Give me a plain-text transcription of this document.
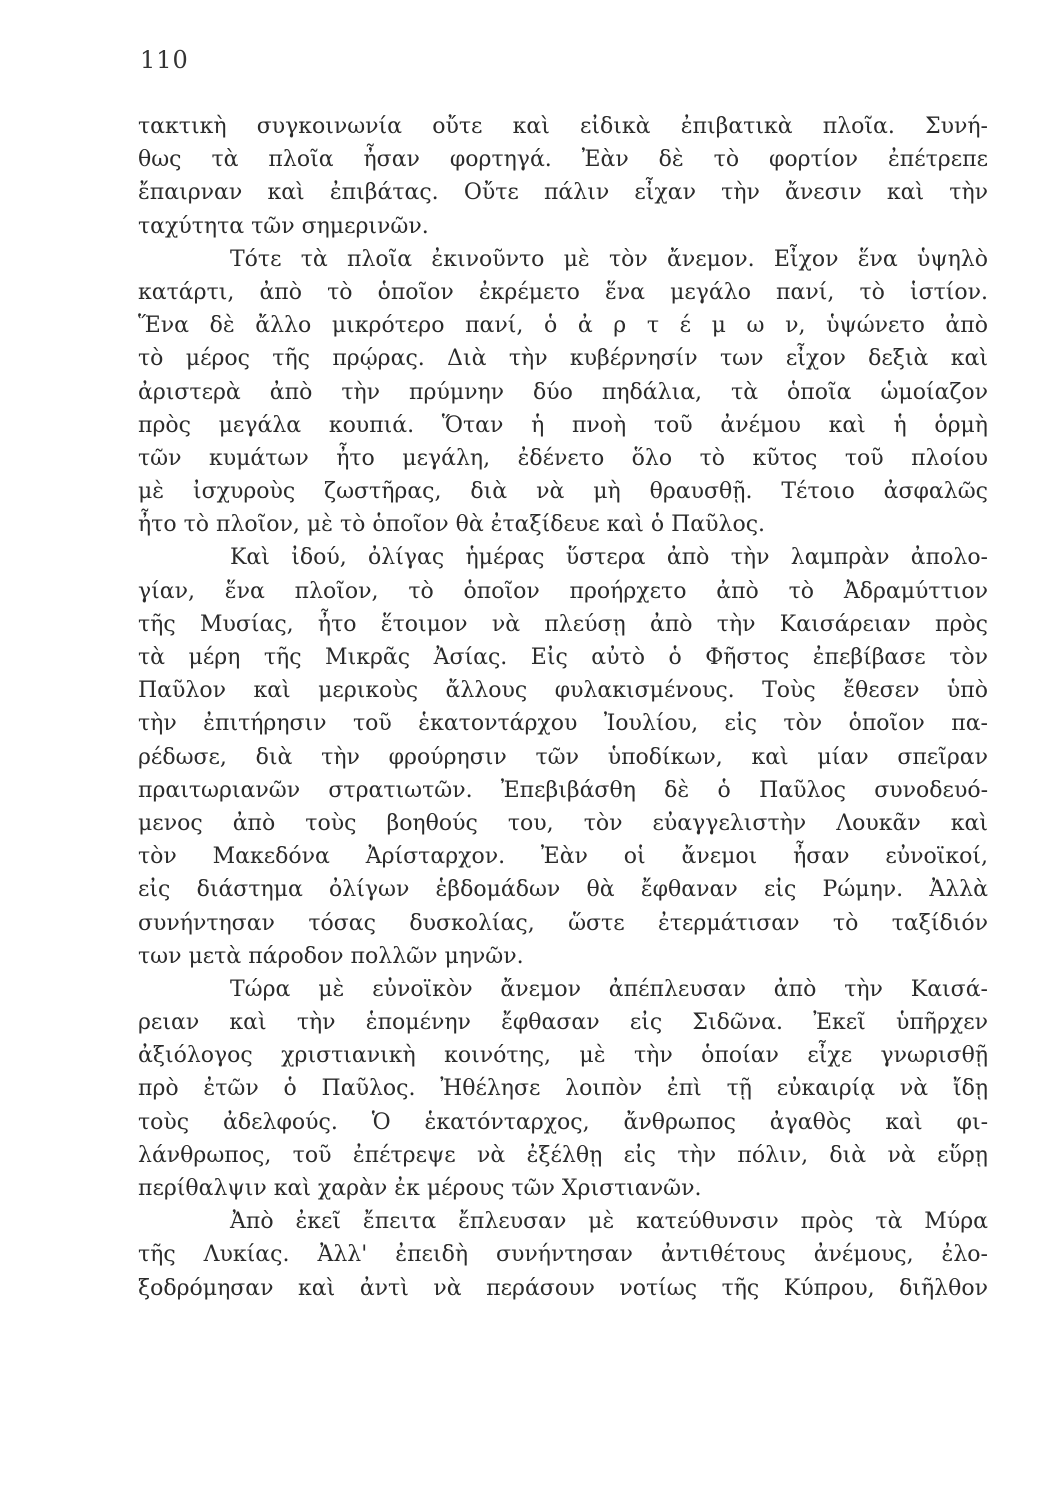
110
τακτικὴ συγκοινωνία οὔτε καὶ εἰδικὰ ἐπιβατικὰ πλοῖα. Συνή-
θως τὰ πλοῖα ἦσαν φορτηγά. Ἐὰν δὲ τὸ φορτίον ἐπέτρεπε
ἔπαιρναν καὶ ἐπιβάτας. Οὔτε πάλιν εἶχαν τὴν ἄνεσιν καὶ τὴν
ταχύτητα τῶν σημερινῶν.
Τότε τὰ πλοῖα ἐκινοῦντο μὲ τὸν ἄνεμον. Εἶχον ἕνα ὑψηλὸ
κατάρτι, ἀπὸ τὸ ὁποῖον ἐκρέμετο ἕνα μεγάλο πανί, τὸ ἱστίον.
Ἕνα δὲ ἄλλο μικρότερο πανί, ὁ ἀ ρ τ έ μ ω ν, ὑψώνετο ἀπὸ
τὸ μέρος τῆς πρῴρας. Διὰ τὴν κυβέρνησίν των εἶχον δεξιὰ καὶ
ἀριστερὰ ἀπὸ τὴν πρύμνην δύο πηδάλια, τὰ ὁποῖα ὡμοίαζον
πρὸς μεγάλα κουπιά. Ὅταν ἡ πνοὴ τοῦ ἀνέμου καὶ ἡ ὁρμὴ
τῶν κυμάτων ἦτο μεγάλη, ἐδένετο ὅλο τὸ κῦτος τοῦ πλοίου
μὲ ἰσχυροὺς ζωστῆρας, διὰ νὰ μὴ θραυσθῇ. Τέτοιο ἀσφαλῶς
ἦτο τὸ πλοῖον, μὲ τὸ ὁποῖον θὰ ἐταξίδευε καὶ ὁ Παῦλος.
Καὶ ἰδού, ὀλίγας ἡμέρας ὕστερα ἀπὸ τὴν λαμπρὰν ἀπολο-
γίαν, ἕνα πλοῖον, τὸ ὁποῖον προήρχετο ἀπὸ τὸ Ἀδραμύττιον
τῆς Μυσίας, ἦτο ἕτοιμον νὰ πλεύσῃ ἀπὸ τὴν Καισάρειαν πρὸς
τὰ μέρη τῆς Μικρᾶς Ἀσίας. Εἰς αὐτὸ ὁ Φῆστος ἐπεβίβασε τὸν
Παῦλον καὶ μερικοὺς ἄλλους φυλακισμένους. Τοὺς ἔθεσεν ὑπὸ
τὴν ἐπιτήρησιν τοῦ ἑκατοντάρχου Ἰουλίου, εἰς τὸν ὁποῖον πα-
ρέδωσε, διὰ τὴν φρούρησιν τῶν ὑποδίκων, καὶ μίαν σπεῖραν
πραιτωριανῶν στρατιωτῶν. Ἐπεβιβάσθη δὲ ὁ Παῦλος συνοδευό-
μενος ἀπὸ τοὺς βοηθούς του, τὸν εὐαγγελιστὴν Λουκᾶν καὶ
τὸν Μακεδόνα Ἀρίσταρχον. Ἐὰν οἱ ἄνεμοι ἦσαν εὐνοϊκοί,
εἰς διάστημα ὀλίγων ἑβδομάδων θὰ ἔφθαναν εἰς Ρώμην. Ἀλλὰ
συνήντησαν τόσας δυσκολίας, ὥστε ἐτερμάτισαν τὸ ταξίδιόν
των μετὰ πάροδον πολλῶν μηνῶν.
Τώρα μὲ εὐνοϊκὸν ἄνεμον ἀπέπλευσαν ἀπὸ τὴν Καισά-
ρειαν καὶ τὴν ἑπομένην ἔφθασαν εἰς Σιδῶνα. Ἐκεῖ ὑπῆρχεν
ἀξιόλογος χριστιανικὴ κοινότης, μὲ τὴν ὁποίαν εἶχε γνωρισθῇ
πρὸ ἐτῶν ὁ Παῦλος. Ἠθέλησε λοιπὸν ἐπὶ τῇ εὐκαιρίᾳ νὰ ἴδῃ
τοὺς ἀδελφούς. Ὁ ἑκατόνταρχος, ἄνθρωπος ἀγαθὸς καὶ φι-
λάνθρωπος, τοῦ ἐπέτρεψε νὰ ἐξέλθῃ εἰς τὴν πόλιν, διὰ νὰ εὕρῃ
περίθαλψιν καὶ χαρὰν ἐκ μέρους τῶν Χριστιανῶν.
Ἀπὸ ἐκεῖ ἔπειτα ἔπλευσαν μὲ κατεύθυνσιν πρὸς τὰ Μύρα
τῆς Λυκίας. Ἀλλ' ἐπειδὴ συνήντησαν ἀντιθέτους ἀνέμους, ἐλο-
ξοδρόμησαν καὶ ἀντὶ νὰ περάσουν νοτίως τῆς Κύπρου, διῆλθον
